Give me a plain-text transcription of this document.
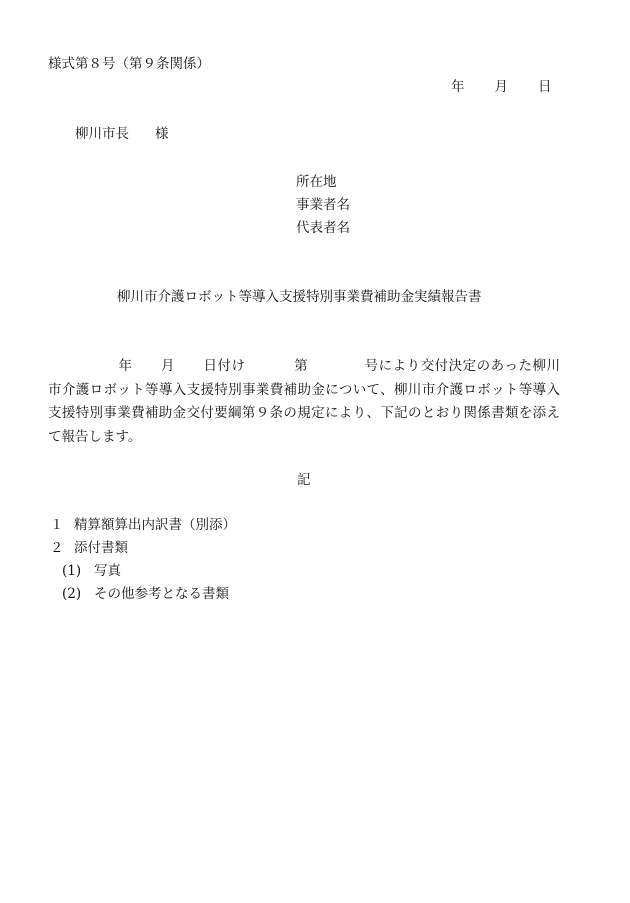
様式第８号（第９条関係）
年 月 日
柳川市長 様
所在地
事業者名
代表者名
柳川市介護ロボット等導入支援特別事業費補助金実績報告書
年 月 日付け	第	号により交付決定のあった柳川市介護ロボット等導入支援特別事業費補助金について、柳川市介護ロボット等導入支援特別事業費補助金交付要綱第９条の規定により、下記のとおり関係書類を添えて報告します。
記
１ 精算額算出内訳書（別添）
２ 添付書類
(1) 写真
(2) その他参考となる書類
